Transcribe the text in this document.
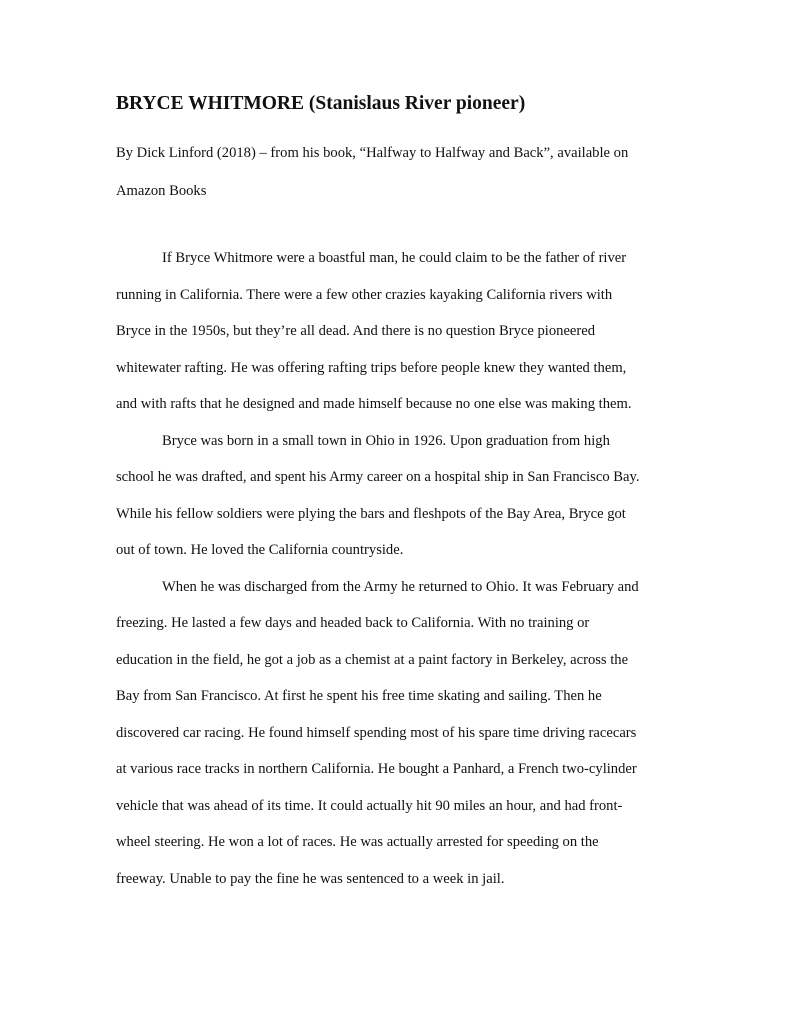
BRYCE WHITMORE (Stanislaus River pioneer)

By Dick Linford (2018) – from his book, “Halfway to Halfway and Back”, available on

Amazon Books

If Bryce Whitmore were a boastful man, he could claim to be the father of river

running in California. There were a few other crazies kayaking California rivers with

Bryce in the 1950s, but they’re all dead. And there is no question Bryce pioneered

whitewater rafting. He was offering rafting trips before people knew they wanted them,

and with rafts that he designed and made himself because no one else was making them.

Bryce was born in a small town in Ohio in 1926. Upon graduation from high

school he was drafted, and spent his Army career on a hospital ship in San Francisco Bay.

While his fellow soldiers were plying the bars and fleshpots of the Bay Area, Bryce got

out of town. He loved the California countryside.

When he was discharged from the Army he returned to Ohio. It was February and

freezing. He lasted a few days and headed back to California. With no training or

education in the field, he got a job as a chemist at a paint factory in Berkeley, across the

Bay from San Francisco. At first he spent his free time skating and sailing. Then he

discovered car racing. He found himself spending most of his spare time driving racecars

at various race tracks in northern California. He bought a Panhard, a French two-cylinder

vehicle that was ahead of its time. It could actually hit 90 miles an hour, and had front-

wheel steering. He won a lot of races. He was actually arrested for speeding on the

freeway. Unable to pay the fine he was sentenced to a week in jail.
